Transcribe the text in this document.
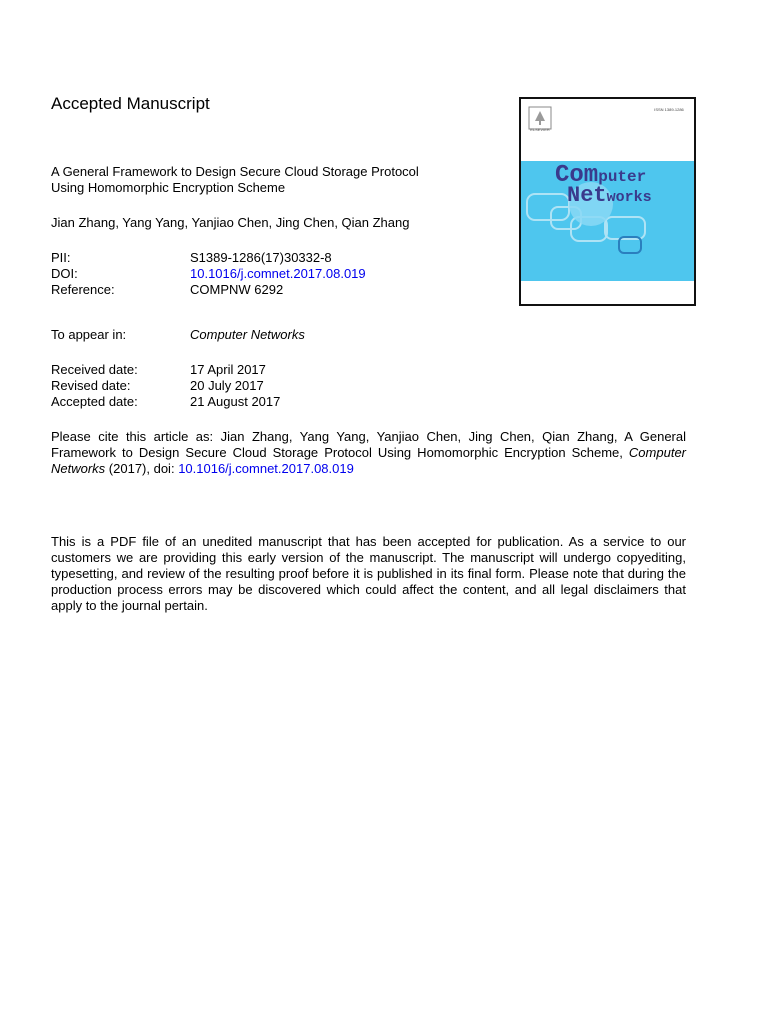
Accepted Manuscript
A General Framework to Design Secure Cloud Storage Protocol
Using Homomorphic Encryption Scheme
Jian Zhang, Yang Yang, Yanjiao Chen, Jing Chen, Qian Zhang
PII:	S1389-1286(17)30332-8
DOI:	10.1016/j.comnet.2017.08.019
Reference:	COMPNW 6292
To appear in:	Computer Networks
Received date:	17 April 2017
Revised date:	20 July 2017
Accepted date:	21 August 2017
Please cite this article as: Jian Zhang, Yang Yang, Yanjiao Chen, Jing Chen, Qian Zhang, A General Framework to Design Secure Cloud Storage Protocol Using Homomorphic Encryption Scheme, Computer Networks (2017), doi: 10.1016/j.comnet.2017.08.019
This is a PDF file of an unedited manuscript that has been accepted for publication. As a service to our customers we are providing this early version of the manuscript. The manuscript will undergo copyediting, typesetting, and review of the resulting proof before it is published in its final form. Please note that during the production process errors may be discovered which could affect the content, and all legal disclaimers that apply to the journal pertain.
ELSEVIER
ISSN 1389-1286
Computer
Networks
